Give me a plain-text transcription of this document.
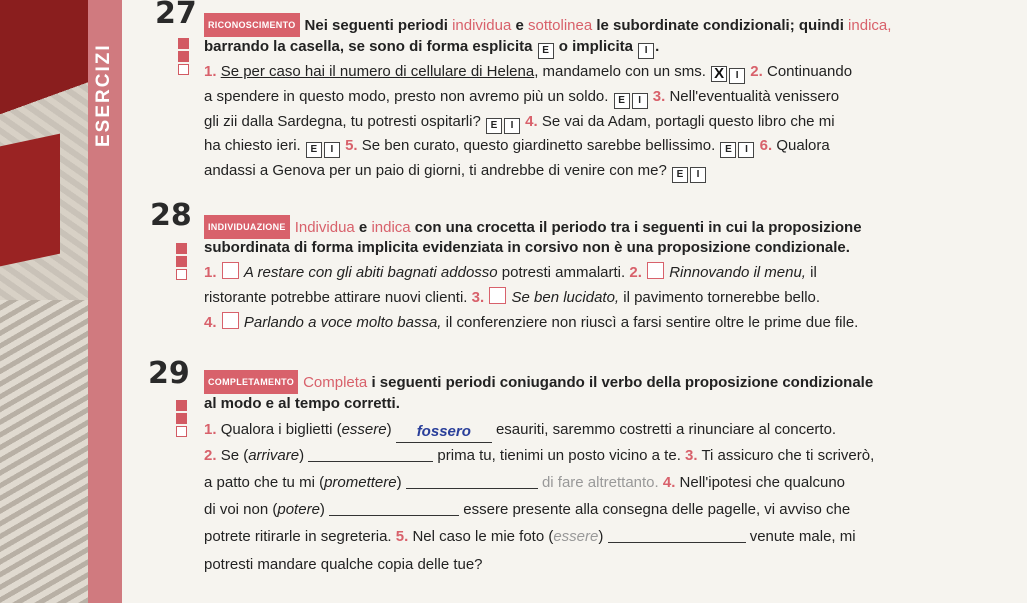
27	RICONOSCIMENTO Nei seguenti periodi individua e sottolinea le subordinate condizionali; quindi indica,
barrando la casella, se sono di forma esplicita E o implicita I .
1. Se per caso hai il numero di cellulare di Helena, mandamelo con un sms. X I 2. Continuando
a spendere in questo modo, presto non avremo più un soldo. E I 3. Nell'eventualità venissero
gli zii dalla Sardegna, tu potresti ospitarli? E I 4. Se vai da Adam, portagli questo libro che mi
ha chiesto ieri. E I 5. Se ben curato, questo giardinetto sarebbe bellissimo. E I 6. Qualora
andassi a Genova per un paio di giorni, ti andrebbe di venire con me? E I
28	INDIVIDUAZIONE Individua e indica con una crocetta il periodo tra i seguenti in cui la proposizione
subordinata di forma implicita evidenziata in corsivo non è una proposizione condizionale.
1. A restare con gli abiti bagnati addosso potresti ammalarti. 2. Rinnovando il menu, il
ristorante potrebbe attirare nuovi clienti. 3. Se ben lucidato, il pavimento tornerebbe bello.
4. Parlando a voce molto bassa, il conferenziere non riuscì a farsi sentire oltre le prime due file.
29	COMPLETAMENTO Completa i seguenti periodi coniugando il verbo della proposizione condizionale
al modo e al tempo corretti.
1. Qualora i biglietti (essere) fossero esauriti, saremmo costretti a rinunciare al concerto.
2. Se (arrivare)	prima tu, tienimi un posto vicino a te. 3. Ti assicuro che ti scriverò,
a patto che tu mi (promettere)	di fare altrettanto. 4. Nell'ipotesi che qualcuno
di voi non (potere)	essere presente alla consegna delle pagelle, vi avviso che
potrete ritirarle in segreteria. 5. Nel caso le mie foto (essere)	venute male, mi
potresti mandare qualche copia delle tue?
